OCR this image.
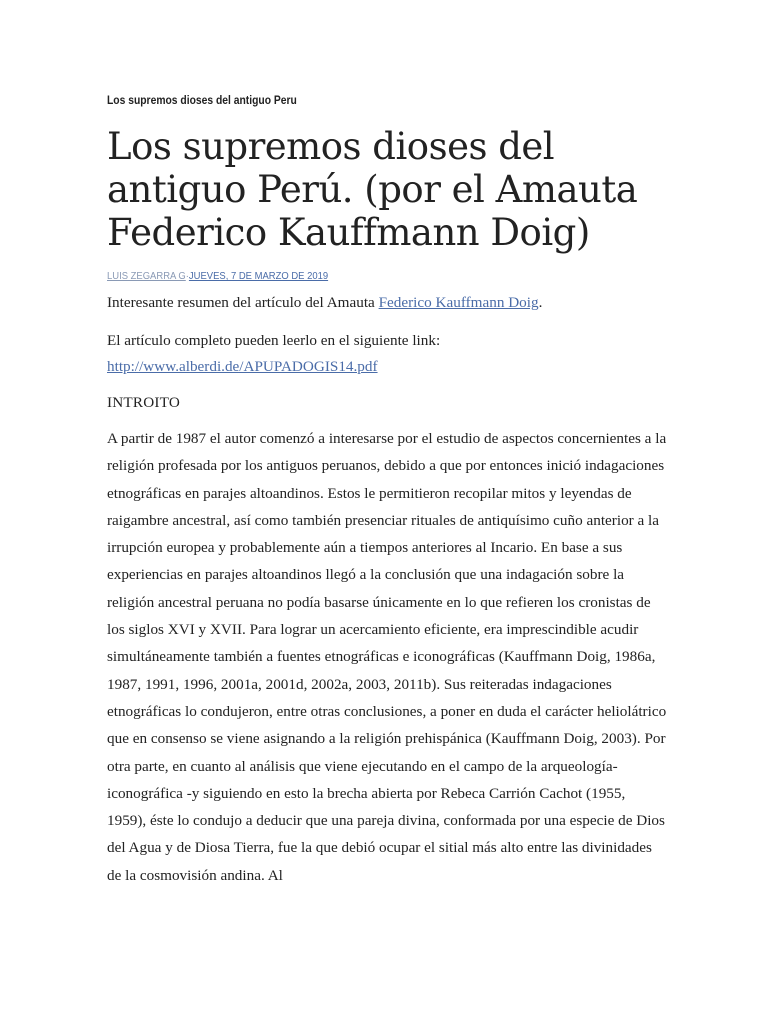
Los supremos dioses del antiguo Peru
Los supremos dioses del antiguo Perú. (por el Amauta Federico Kauffmann Doig)
LUIS ZEGARRA G·JUEVES, 7 DE MARZO DE 2019

Interesante resumen del artículo del Amauta Federico Kauffmann Doig.

El artículo completo pueden leerlo en el siguiente link:
http://www.alberdi.de/APUPADOGIS14.pdf

INTROITO

A partir de 1987 el autor comenzó a interesarse por el estudio de aspectos concernientes a la religión profesada por los antiguos peruanos, debido a que por entonces inició indagaciones etnográficas en parajes altoandinos. Estos le permitieron recopilar mitos y leyendas de raigambre ancestral, así como también presenciar rituales de antiquísimo cuño anterior a la irrupción europea y probablemente aún a tiempos anteriores al Incario. En base a sus experiencias en parajes altoandinos llegó a la conclusión que una indagación sobre la religión ancestral peruana no podía basarse únicamente en lo que refieren los cronistas de los siglos XVI y XVII. Para lograr un acercamiento eficiente, era imprescindible acudir simultáneamente también a fuentes etnográficas e iconográficas (Kauffmann Doig, 1986a, 1987, 1991, 1996, 2001a, 2001d, 2002a, 2003, 2011b). Sus reiteradas indagaciones etnográficas lo condujeron, entre otras conclusiones, a poner en duda el carácter heliolátrico que en consenso se viene asignando a la religión prehispánica (Kauffmann Doig, 2003). Por otra parte, en cuanto al análisis que viene ejecutando en el campo de la arqueología-iconográfica -y siguiendo en esto la brecha abierta por Rebeca Carrión Cachot (1955, 1959), éste lo condujo a deducir que una pareja divina, conformada por una especie de Dios del Agua y de Diosa Tierra, fue la que debió ocupar el sitial más alto entre las divinidades de la cosmovisión andina. Al
